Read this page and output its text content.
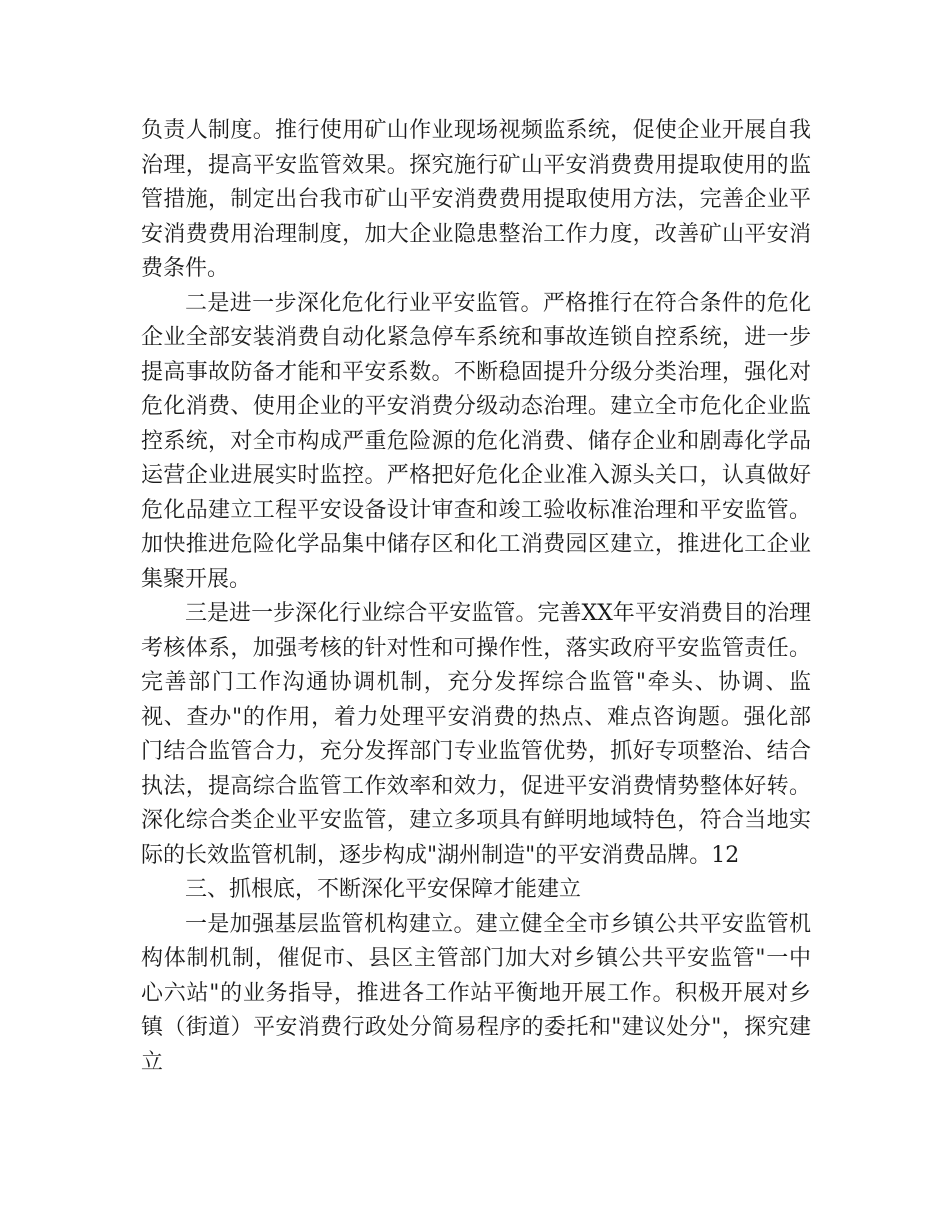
负责人制度。推行使用矿山作业现场视频监系统，促使企业开展自我治理，提高平安监管效果。探究施行矿山平安消费费用提取使用的监管措施，制定出台我市矿山平安消费费用提取使用方法，完善企业平安消费费用治理制度，加大企业隐患整治工作力度，改善矿山平安消费条件。

二是进一步深化危化行业平安监管。严格推行在符合条件的危化企业全部安装消费自动化紧急停车系统和事故连锁自控系统，进一步提高事故防备才能和平安系数。不断稳固提升分级分类治理，强化对危化消费、使用企业的平安消费分级动态治理。建立全市危化企业监控系统，对全市构成严重危险源的危化消费、储存企业和剧毒化学品运营企业进展实时监控。严格把好危化企业准入源头关口，认真做好危化品建立工程平安设备设计审查和竣工验收标准治理和平安监管。加快推进危险化学品集中储存区和化工消费园区建立，推进化工企业集聚开展。

三是进一步深化行业综合平安监管。完善XX年平安消费目的治理考核体系，加强考核的针对性和可操作性，落实政府平安监管责任。完善部门工作沟通协调机制，充分发挥综合监管"牵头、协调、监视、查办"的作用，着力处理平安消费的热点、难点咨询题。强化部门结合监管合力，充分发挥部门专业监管优势，抓好专项整治、结合执法，提高综合监管工作效率和效力，促进平安消费情势整体好转。深化综合类企业平安监管，建立多项具有鲜明地域特色，符合当地实际的长效监管机制，逐步构成"湖州制造"的平安消费品牌。12

三、抓根底，不断深化平安保障才能建立

一是加强基层监管机构建立。建立健全全市乡镇公共平安监管机构体制机制，催促市、县区主管部门加大对乡镇公共平安监管"一中心六站"的业务指导，推进各工作站平衡地开展工作。积极开展对乡镇（街道）平安消费行政处分简易程序的委托和"建议处分"，探究建立
